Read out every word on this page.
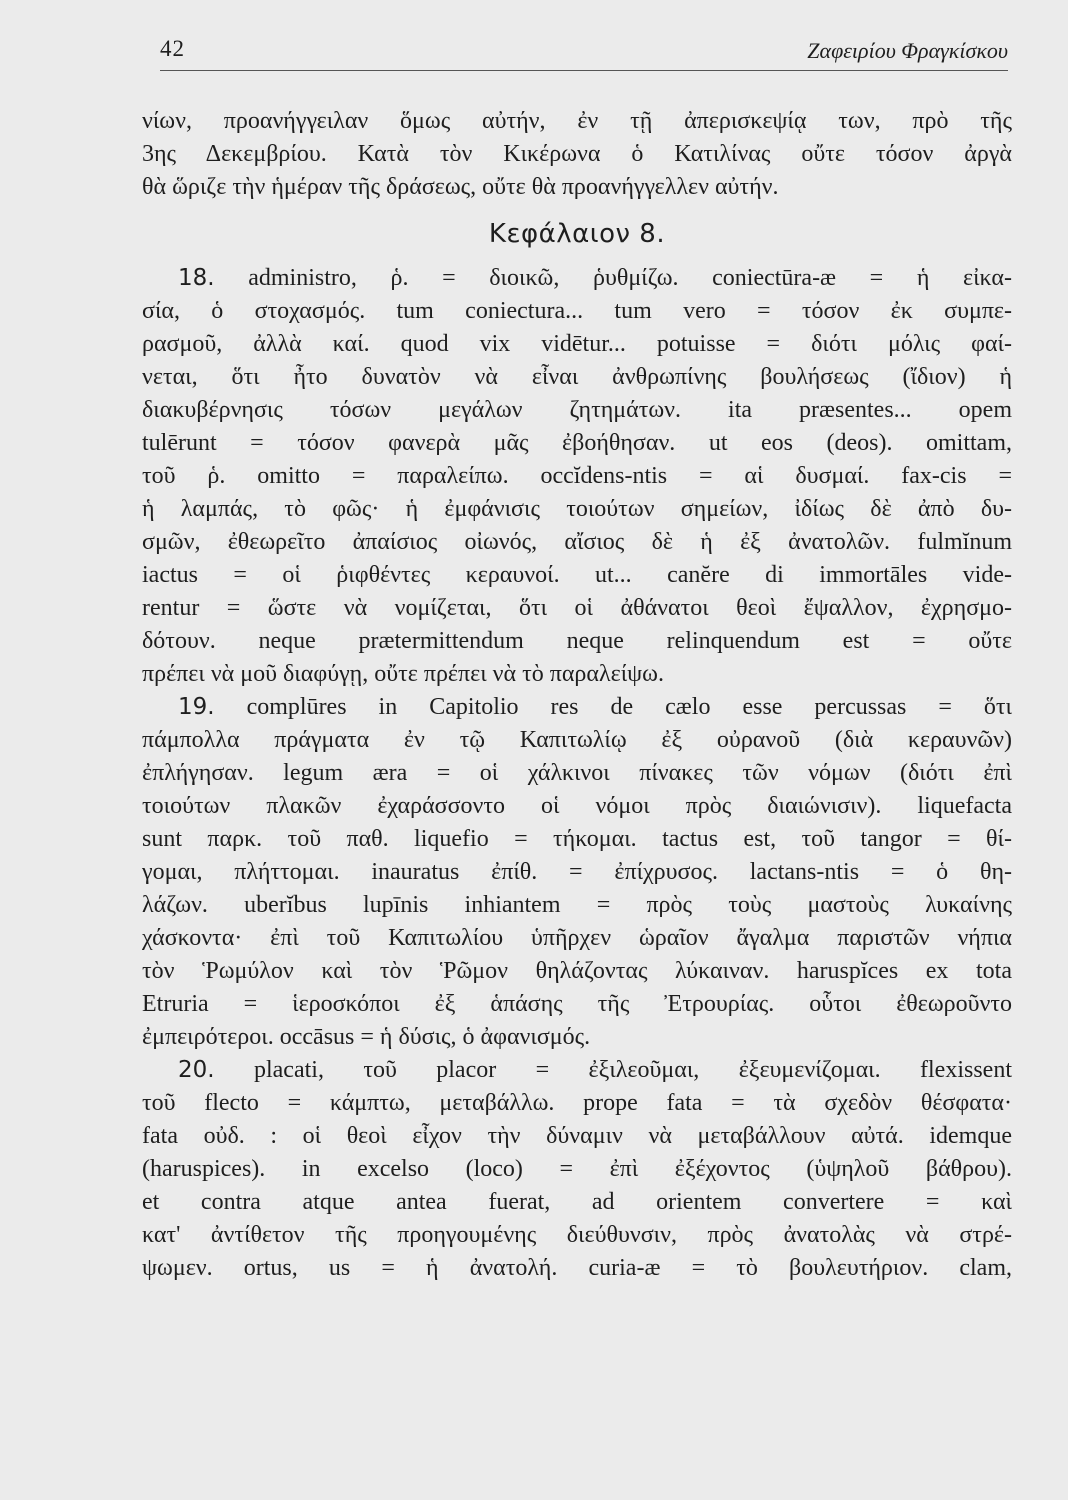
42	Ζαφειρίου Φραγκίσκου
νίων, προανήγγειλαν ὅμως αὐτήν, ἐν τῇ ἀπερισκεψίᾳ των, πρὸ τῆς
3ης Δεκεμβρίου. Κατὰ τὸν Κικέρωνα ὁ Κατιλίνας οὔτε τόσον ἀργὰ
θὰ ὥριζε τὴν ἡμέραν τῆς δράσεως, οὔτε θὰ προανήγγελλεν αὐτήν.
Κεφάλαιον 8.
18. administro, ῥ. = διοικῶ, ῥυθμίζω. coniectūra-æ = ἡ εἰκα-
σία, ὁ στοχασμός. tum coniectura... tum vero = τόσον ἐκ συμπε-
ρασμοῦ, ἀλλὰ καί. quod vix vidētur... potuisse = διότι μόλις φαί-
νεται, ὅτι ἦτο δυνατὸν νὰ εἶναι ἀνθρωπίνης βουλήσεως (ἴδιον) ἡ
διακυβέρνησις τόσων μεγάλων ζητημάτων. ita præsentes... opem
tulērunt = τόσον φανερὰ μᾶς ἐβοήθησαν. ut eos (deos). omittam,
τοῦ ῥ. omitto = παραλείπω. occĭdens-ntis = αἱ δυσμαί. fax-cis =
ἡ λαμπάς, τὸ φῶς· ἡ ἐμφάνισις τοιούτων σημείων, ἰδίως δὲ ἀπὸ δυ-
σμῶν, ἐθεωρεῖτο ἀπαίσιος οἰωνός, αἴσιος δὲ ἡ ἐξ ἀνατολῶν. fulmĭnum
iactus = οἱ ῥιφθέντες κεραυνοί. ut... canĕre di immortāles vide-
rentur = ὥστε νὰ νομίζεται, ὅτι οἱ ἀθάνατοι θεοὶ ἔψαλλον, ἐχρησμο-
δότουν. neque prætermittendum neque relinquendum est = οὔτε
πρέπει νὰ μοῦ διαφύγῃ, οὔτε πρέπει νὰ τὸ παραλείψω.
19. complūres in Capitolio res de cælo esse percussas = ὅτι
πάμπολλα πράγματα ἐν τῷ Καπιτωλίῳ ἐξ οὐρανοῦ (διὰ κεραυνῶν)
ἐπλήγησαν. legum æra = οἱ χάλκινοι πίνακες τῶν νόμων (διότι ἐπὶ
τοιούτων πλακῶν ἐχαράσσοντο οἱ νόμοι πρὸς διαιώνισιν). liquefacta
sunt παρκ. τοῦ παθ. liquefio = τήκομαι. tactus est, τοῦ tangor = θί-
γομαι, πλήττομαι. inauratus ἐπίθ. = ἐπίχρυσος. lactans-ntis = ὁ θη-
λάζων. uberĭbus lupīnis inhiantem = πρὸς τοὺς μαστοὺς λυκαίνης
χάσκοντα· ἐπὶ τοῦ Καπιτωλίου ὑπῆρχεν ὡραῖον ἄγαλμα παριστῶν νήπια
τὸν Ῥωμύλον καὶ τὸν Ῥῶμον θηλάζοντας λύκαιναν. haruspĭces ex tota
Etruria = ἱεροσκόποι ἐξ ἁπάσης τῆς Ἐτρουρίας. οὗτοι ἐθεωροῦντο
ἐμπειρότεροι. occāsus = ἡ δύσις, ὁ ἀφανισμός.
20. placati, τοῦ placor = ἐξιλεοῦμαι, ἐξευμενίζομαι. flexissent
τοῦ flecto = κάμπτω, μεταβάλλω. prope fata = τὰ σχεδὸν θέσφατα·
fata οὐδ. : οἱ θεοὶ εἶχον τὴν δύναμιν νὰ μεταβάλλουν αὐτά. idemque
(haruspices). in excelso (loco) = ἐπὶ ἐξέχοντος (ὑψηλοῦ βάθρου).
et contra atque antea fuerat, ad orientem convertere = καὶ
κατ' ἀντίθετον τῆς προηγουμένης διεύθυνσιν, πρὸς ἀνατολὰς νὰ στρέ-
ψωμεν. ortus, us = ἡ ἀνατολή. curia-æ = τὸ βουλευτήριον. clam,
